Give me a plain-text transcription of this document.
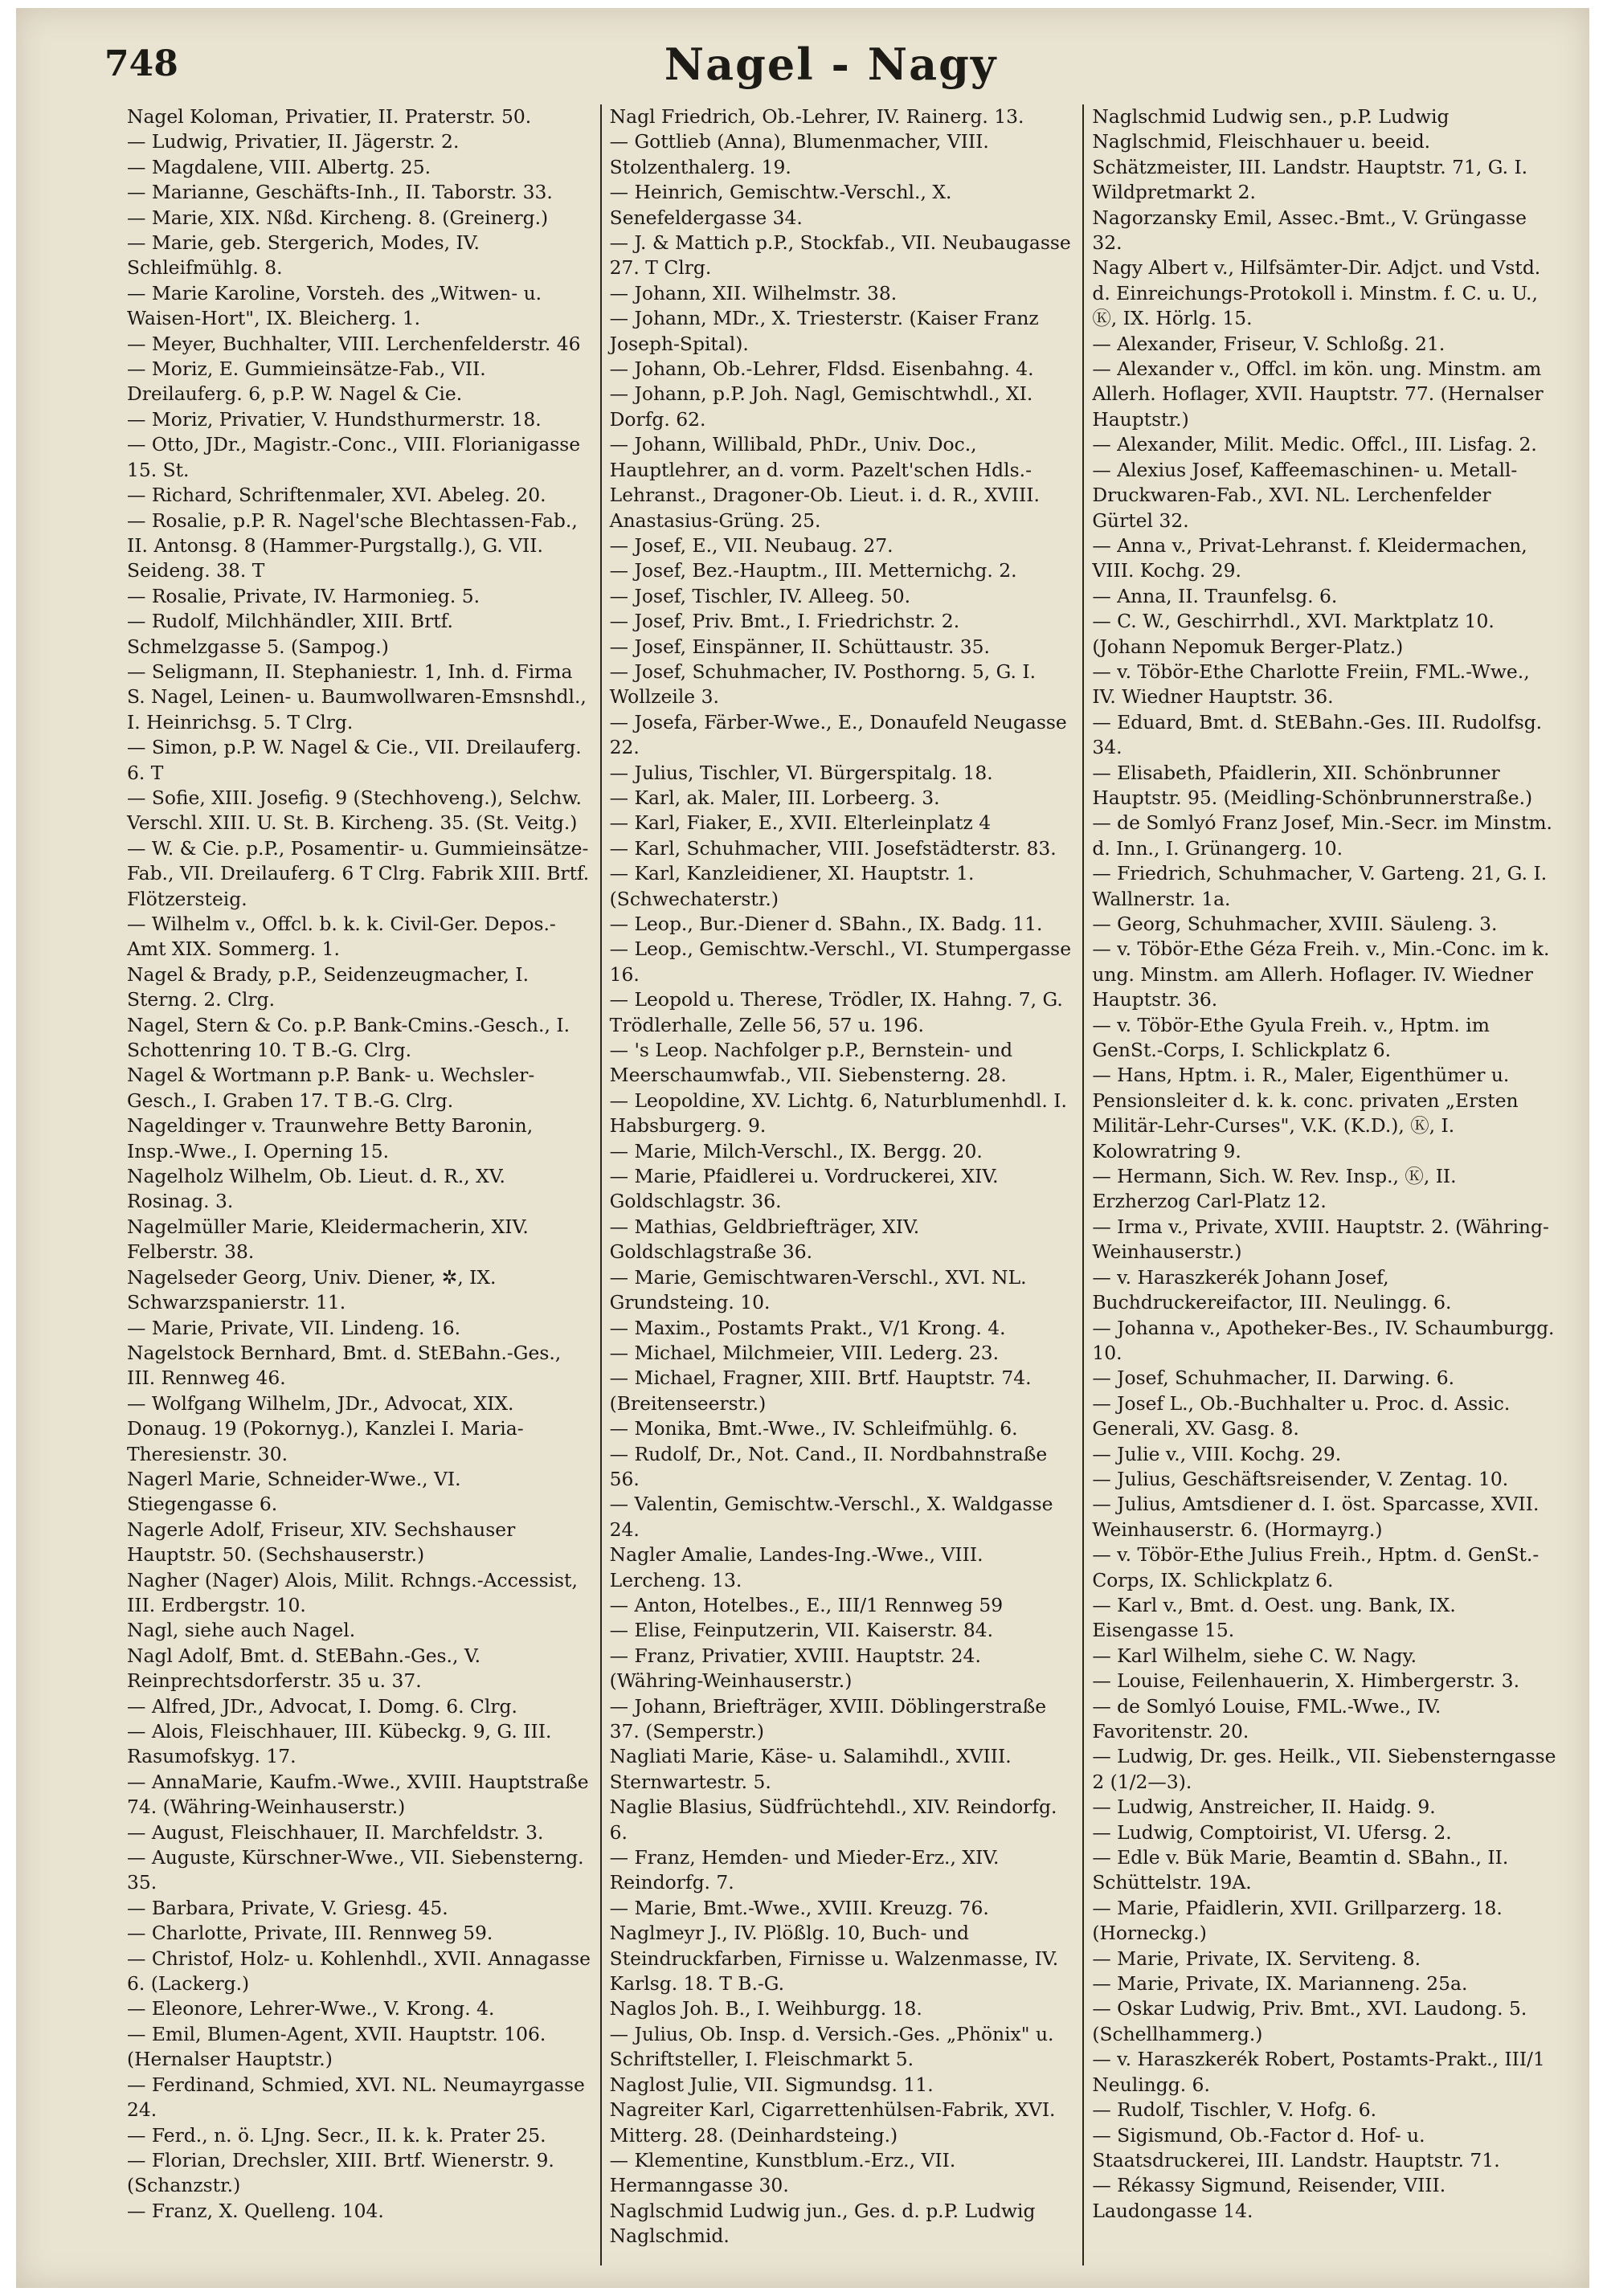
748	Nagel - Nagy

Nagel Koloman, Privatier, II. Praterstr. 50.

— Ludwig, Privatier, II. Jägerstr. 2.

— Magdalene, VIII. Albertg. 25.

— Marianne, Geschäfts-Inh., II. Taborstr. 33.

— Marie, XIX. Nßd. Kircheng. 8. (Greinerg.)

— Marie, geb. Stergerich, Modes, IV. Schleifmühlg. 8.

— Marie Karoline, Vorsteh. des „Witwen- u. Waisen-Hort", IX. Bleicherg. 1.

— Meyer, Buchhalter, VIII. Lerchenfelderstr. 46

— Moriz, E. Gummieinsätze-Fab., VII. Dreilauferg. 6, p.P. W. Nagel & Cie.

— Moriz, Privatier, V. Hundsthurmerstr. 18.

— Otto, JDr., Magistr.-Conc., VIII. Florianigasse 15. St.

— Richard, Schriftenmaler, XVI. Abeleg. 20.

— Rosalie, p.P. R. Nagel'sche Blechtassen-Fab., II. Antonsg. 8 (Hammer-Purgstallg.), G. VII. Seideng. 38. T

— Rosalie, Private, IV. Harmonieg. 5.

— Rudolf, Milchhändler, XIII. Brtf. Schmelzgasse 5. (Sampog.)

— Seligmann, II. Stephaniestr. 1, Inh. d. Firma S. Nagel, Leinen- u. Baumwollwaren-Emsnshdl., I. Heinrichsg. 5. T Clrg.

— Simon, p.P. W. Nagel & Cie., VII. Dreilauferg. 6. T

— Sofie, XIII. Josefig. 9 (Stechhoveng.), Selchw. Verschl. XIII. U. St. B. Kircheng. 35. (St. Veitg.)

— W. & Cie. p.P., Posamentir- u. Gummieinsätze-Fab., VII. Dreilauferg. 6 T Clrg. Fabrik XIII. Brtf. Flötzersteig.

— Wilhelm v., Offcl. b. k. k. Civil-Ger. Depos.-Amt XIX. Sommerg. 1.

Nagel & Brady, p.P., Seidenzeugmacher, I. Sterng. 2. Clrg.

Nagel, Stern & Co. p.P. Bank-Cmins.-Gesch., I. Schottenring 10. T B.-G. Clrg.

Nagel & Wortmann p.P. Bank- u. Wechsler-Gesch., I. Graben 17. T B.-G. Clrg.

Nageldinger v. Traunwehre Betty Baronin, Insp.-Wwe., I. Operning 15.

Nagelholz Wilhelm, Ob. Lieut. d. R., XV. Rosinag. 3.

Nagelmüller Marie, Kleidermacherin, XIV. Felberstr. 38.

Nagelseder Georg, Univ. Diener, ✲, IX. Schwarzspanierstr. 11.

— Marie, Private, VII. Lindeng. 16.

Nagelstock Bernhard, Bmt. d. StEBahn.-Ges., III. Rennweg 46.

— Wolfgang Wilhelm, JDr., Advocat, XIX. Donaug. 19 (Pokornyg.), Kanzlei I. Maria-Theresienstr. 30.

Nagerl Marie, Schneider-Wwe., VI. Stiegengasse 6.

Nagerle Adolf, Friseur, XIV. Sechshauser Hauptstr. 50. (Sechshauserstr.)

Nagher (Nager) Alois, Milit. Rchngs.-Accessist, III. Erdbergstr. 10.

Nagl, siehe auch Nagel.

Nagl Adolf, Bmt. d. StEBahn.-Ges., V. Reinprechtsdorferstr. 35 u. 37.

— Alfred, JDr., Advocat, I. Domg. 6. Clrg.

— Alois, Fleischhauer, III. Kübeckg. 9, G. III. Rasumofskyg. 17.

— AnnaMarie, Kaufm.-Wwe., XVIII. Hauptstraße 74. (Währing-Weinhauserstr.)

— August, Fleischhauer, II. Marchfeldstr. 3.

— Auguste, Kürschner-Wwe., VII. Siebensterng. 35.

— Barbara, Private, V. Griesg. 45.

— Charlotte, Private, III. Rennweg 59.

— Christof, Holz- u. Kohlenhdl., XVII. Annagasse 6. (Lackerg.)

— Eleonore, Lehrer-Wwe., V. Krong. 4.

— Emil, Blumen-Agent, XVII. Hauptstr. 106. (Hernalser Hauptstr.)

— Ferdinand, Schmied, XVI. NL. Neumayrgasse 24.

— Ferd., n. ö. LJng. Secr., II. k. k. Prater 25.

— Florian, Drechsler, XIII. Brtf. Wienerstr. 9. (Schanzstr.)

— Franz, X. Quelleng. 104.

Nagl Friedrich, Ob.-Lehrer, IV. Rainerg. 13.

— Gottlieb (Anna), Blumenmacher, VIII. Stolzenthalerg. 19.

— Heinrich, Gemischtw.-Verschl., X. Senefeldergasse 34.

— J. & Mattich p.P., Stockfab., VII. Neubaugasse 27. T Clrg.

— Johann, XII. Wilhelmstr. 38.

— Johann, MDr., X. Triesterstr. (Kaiser Franz Joseph-Spital).

— Johann, Ob.-Lehrer, Fldsd. Eisenbahng. 4.

— Johann, p.P. Joh. Nagl, Gemischtwhdl., XI. Dorfg. 62.

— Johann, Willibald, PhDr., Univ. Doc., Hauptlehrer, an d. vorm. Pazelt'schen Hdls.-Lehranst., Dragoner-Ob. Lieut. i. d. R., XVIII. Anastasius-Grüng. 25.

— Josef, E., VII. Neubaug. 27.

— Josef, Bez.-Hauptm., III. Metternichg. 2.

— Josef, Tischler, IV. Alleeg. 50.

— Josef, Priv. Bmt., I. Friedrichstr. 2.

— Josef, Einspänner, II. Schüttaustr. 35.

— Josef, Schuhmacher, IV. Posthorng. 5, G. I. Wollzeile 3.

— Josefa, Färber-Wwe., E., Donaufeld Neugasse 22.

— Julius, Tischler, VI. Bürgerspitalg. 18.

— Karl, ak. Maler, III. Lorbeerg. 3.

— Karl, Fiaker, E., XVII. Elterleinplatz 4

— Karl, Schuhmacher, VIII. Josefstädterstr. 83.

— Karl, Kanzleidiener, XI. Hauptstr. 1. (Schwechaterstr.)

— Leop., Bur.-Diener d. SBahn., IX. Badg. 11.

— Leop., Gemischtw.-Verschl., VI. Stumpergasse 16.

— Leopold u. Therese, Trödler, IX. Hahng. 7, G. Trödlerhalle, Zelle 56, 57 u. 196.

— 's Leop. Nachfolger p.P., Bernstein- und Meerschaumwfab., VII. Siebensterng. 28.

— Leopoldine, XV. Lichtg. 6, Naturblumenhdl. I. Habsburgerg. 9.

— Marie, Milch-Verschl., IX. Bergg. 20.

— Marie, Pfaidlerei u. Vordruckerei, XIV. Goldschlagstr. 36.

— Mathias, Geldbriefträger, XIV. Goldschlagstraße 36.

— Marie, Gemischtwaren-Verschl., XVI. NL. Grundsteing. 10.

— Maxim., Postamts Prakt., V/1 Krong. 4.

— Michael, Milchmeier, VIII. Lederg. 23.

— Michael, Fragner, XIII. Brtf. Hauptstr. 74. (Breitenseerstr.)

— Monika, Bmt.-Wwe., IV. Schleifmühlg. 6.

— Rudolf, Dr., Not. Cand., II. Nordbahnstraße 56.

— Valentin, Gemischtw.-Verschl., X. Waldgasse 24.

Nagler Amalie, Landes-Ing.-Wwe., VIII. Lercheng. 13.

— Anton, Hotelbes., E., III/1 Rennweg 59

— Elise, Feinputzerin, VII. Kaiserstr. 84.

— Franz, Privatier, XVIII. Hauptstr. 24. (Währing-Weinhauserstr.)

— Johann, Briefträger, XVIII. Döblingerstraße 37. (Semperstr.)

Nagliati Marie, Käse- u. Salamihdl., XVIII. Sternwartestr. 5.

Naglie Blasius, Südfrüchtehdl., XIV. Reindorfg. 6.

— Franz, Hemden- und Mieder-Erz., XIV. Reindorfg. 7.

— Marie, Bmt.-Wwe., XVIII. Kreuzg. 76.

Naglmeyr J., IV. Plößlg. 10, Buch- und Steindruckfarben, Firnisse u. Walzenmasse, IV. Karlsg. 18. T B.-G.

Naglos Joh. B., I. Weihburgg. 18.

— Julius, Ob. Insp. d. Versich.-Ges. „Phönix" u. Schriftsteller, I. Fleischmarkt 5.

Naglost Julie, VII. Sigmundsg. 11.

Nagreiter Karl, Cigarrettenhülsen-Fabrik, XVI. Mitterg. 28. (Deinhardsteing.)

— Klementine, Kunstblum.-Erz., VII. Hermanngasse 30.

Naglschmid Ludwig jun., Ges. d. p.P. Ludwig Naglschmid.

Naglschmid Ludwig sen., p.P. Ludwig Naglschmid, Fleischhauer u. beeid. Schätzmeister, III. Landstr. Hauptstr. 71, G. I. Wildpretmarkt 2.

Nagorzansky Emil, Assec.-Bmt., V. Grüngasse 32.

Nagy Albert v., Hilfsämter-Dir. Adjct. und Vstd. d. Einreichungs-Protokoll i. Minstm. f. C. u. U., Ⓚ, IX. Hörlg. 15.

— Alexander, Friseur, V. Schloßg. 21.

— Alexander v., Offcl. im kön. ung. Minstm. am Allerh. Hoflager, XVII. Hauptstr. 77. (Hernalser Hauptstr.)

— Alexander, Milit. Medic. Offcl., III. Lisfag. 2.

— Alexius Josef, Kaffeemaschinen- u. Metall-Druckwaren-Fab., XVI. NL. Lerchenfelder Gürtel 32.

— Anna v., Privat-Lehranst. f. Kleidermachen, VIII. Kochg. 29.

— Anna, II. Traunfelsg. 6.

— C. W., Geschirrhdl., XVI. Marktplatz 10. (Johann Nepomuk Berger-Platz.)

— v. Töbör-Ethe Charlotte Freiin, FML.-Wwe., IV. Wiedner Hauptstr. 36.

— Eduard, Bmt. d. StEBahn.-Ges. III. Rudolfsg. 34.

— Elisabeth, Pfaidlerin, XII. Schönbrunner Hauptstr. 95. (Meidling-Schönbrunnerstraße.)

— de Somlyó Franz Josef, Min.-Secr. im Minstm. d. Inn., I. Grünangerg. 10.

— Friedrich, Schuhmacher, V. Garteng. 21, G. I. Wallnerstr. 1a.

— Georg, Schuhmacher, XVIII. Säuleng. 3.

— v. Töbör-Ethe Géza Freih. v., Min.-Conc. im k. ung. Minstm. am Allerh. Hoflager. IV. Wiedner Hauptstr. 36.

— v. Töbör-Ethe Gyula Freih. v., Hptm. im GenSt.-Corps, I. Schlickplatz 6.

— Hans, Hptm. i. R., Maler, Eigenthümer u. Pensionsleiter d. k. k. conc. privaten „Ersten Militär-Lehr-Curses", V.K. (K.D.), Ⓚ, I. Kolowratring 9.

— Hermann, Sich. W. Rev. Insp., Ⓚ, II. Erzherzog Carl-Platz 12.

— Irma v., Private, XVIII. Hauptstr. 2. (Währing-Weinhauserstr.)

— v. Haraszkerék Johann Josef, Buchdruckereifactor, III. Neulingg. 6.

— Johanna v., Apotheker-Bes., IV. Schaumburgg. 10.

— Josef, Schuhmacher, II. Darwing. 6.

— Josef L., Ob.-Buchhalter u. Proc. d. Assic. Generali, XV. Gasg. 8.

— Julie v., VIII. Kochg. 29.

— Julius, Geschäftsreisender, V. Zentag. 10.

— Julius, Amtsdiener d. I. öst. Sparcasse, XVII. Weinhauserstr. 6. (Hormayrg.)

— v. Töbör-Ethe Julius Freih., Hptm. d. GenSt.-Corps, IX. Schlickplatz 6.

— Karl v., Bmt. d. Oest. ung. Bank, IX. Eisengasse 15.

— Karl Wilhelm, siehe C. W. Nagy.

— Louise, Feilenhauerin, X. Himbergerstr. 3.

— de Somlyó Louise, FML.-Wwe., IV. Favoritenstr. 20.

— Ludwig, Dr. ges. Heilk., VII. Siebensterngasse 2 (1/2—3).

— Ludwig, Anstreicher, II. Haidg. 9.

— Ludwig, Comptoirist, VI. Ufersg. 2.

— Edle v. Bük Marie, Beamtin d. SBahn., II. Schüttelstr. 19A.

— Marie, Pfaidlerin, XVII. Grillparzerg. 18. (Horneckg.)

— Marie, Private, IX. Serviteng. 8.

— Marie, Private, IX. Marianneng. 25a.

— Oskar Ludwig, Priv. Bmt., XVI. Laudong. 5. (Schellhammerg.)

— v. Haraszkerék Robert, Postamts-Prakt., III/1 Neulingg. 6.

— Rudolf, Tischler, V. Hofg. 6.

— Sigismund, Ob.-Factor d. Hof- u. Staatsdruckerei, III. Landstr. Hauptstr. 71.

— Rékassy Sigmund, Reisender, VIII. Laudongasse 14.
